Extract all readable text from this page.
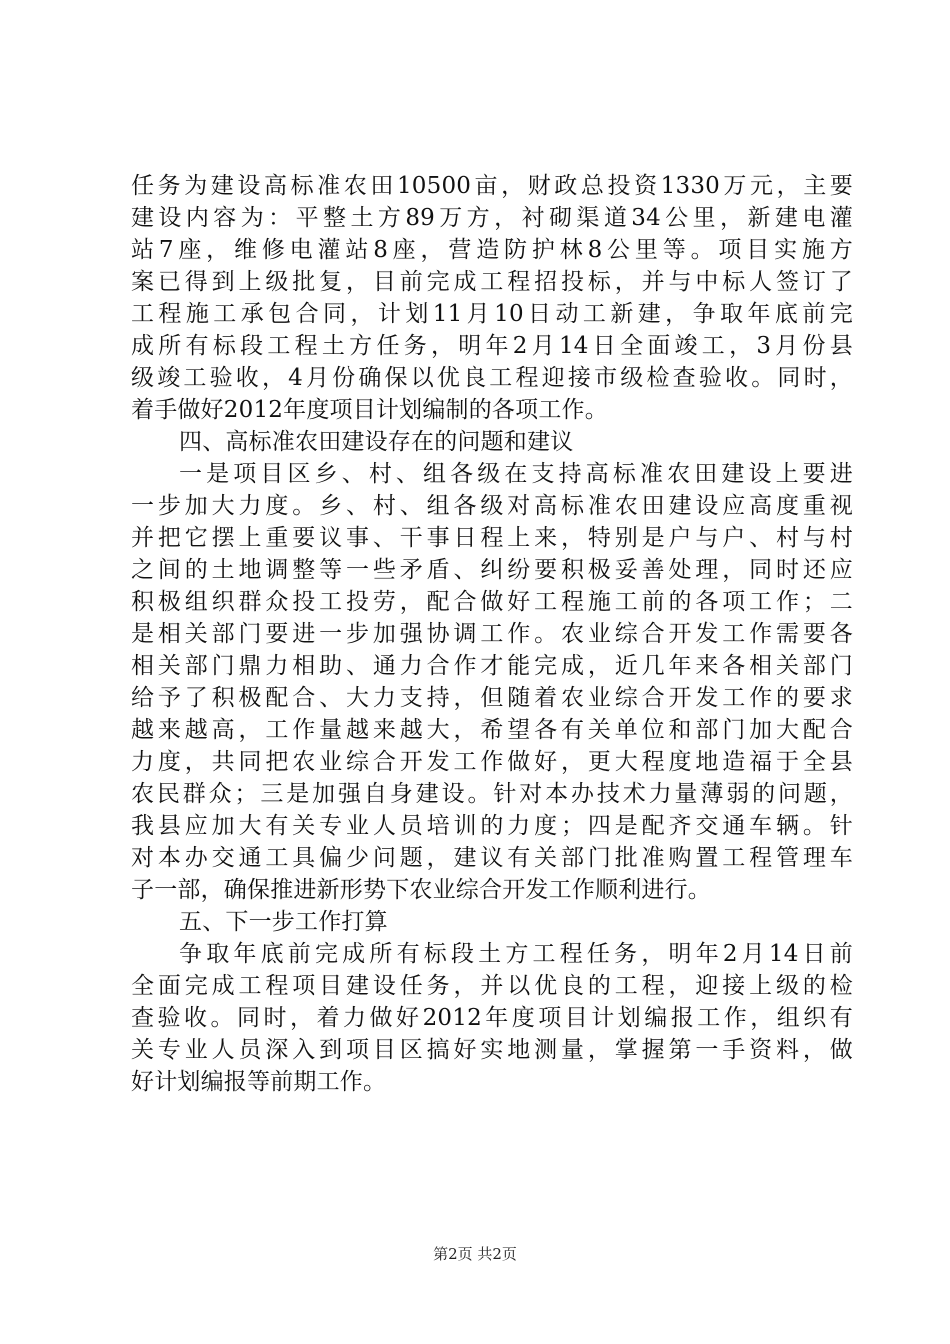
任务为建设高标准农田10500亩，财政总投资1330万元，主要
建设内容为：平整土方89万方，衬砌渠道34公里，新建电灌
站7座，维修电灌站8座，营造防护林8公里等。项目实施方
案已得到上级批复，目前完成工程招投标，并与中标人签订了
工程施工承包合同，计划11月10日动工新建，争取年底前完
成所有标段工程土方任务，明年2月14日全面竣工，3月份县
级竣工验收，4月份确保以优良工程迎接市级检查验收。同时，
着手做好2012年度项目计划编制的各项工作。
四、高标准农田建设存在的问题和建议
一是项目区乡、村、组各级在支持高标准农田建设上要进
一步加大力度。乡、村、组各级对高标准农田建设应高度重视
并把它摆上重要议事、干事日程上来，特别是户与户、村与村
之间的土地调整等一些矛盾、纠纷要积极妥善处理，同时还应
积极组织群众投工投劳，配合做好工程施工前的各项工作；二
是相关部门要进一步加强协调工作。农业综合开发工作需要各
相关部门鼎力相助、通力合作才能完成，近几年来各相关部门
给予了积极配合、大力支持，但随着农业综合开发工作的要求
越来越高，工作量越来越大，希望各有关单位和部门加大配合
力度，共同把农业综合开发工作做好，更大程度地造福于全县
农民群众；三是加强自身建设。针对本办技术力量薄弱的问题，
我县应加大有关专业人员培训的力度；四是配齐交通车辆。针
对本办交通工具偏少问题，建议有关部门批准购置工程管理车
子一部，确保推进新形势下农业综合开发工作顺利进行。
五、下一步工作打算
争取年底前完成所有标段土方工程任务，明年2月14日前
全面完成工程项目建设任务，并以优良的工程，迎接上级的检
查验收。同时，着力做好2012年度项目计划编报工作，组织有
关专业人员深入到项目区搞好实地测量，掌握第一手资料，做
好计划编报等前期工作。
第2页 共2页
